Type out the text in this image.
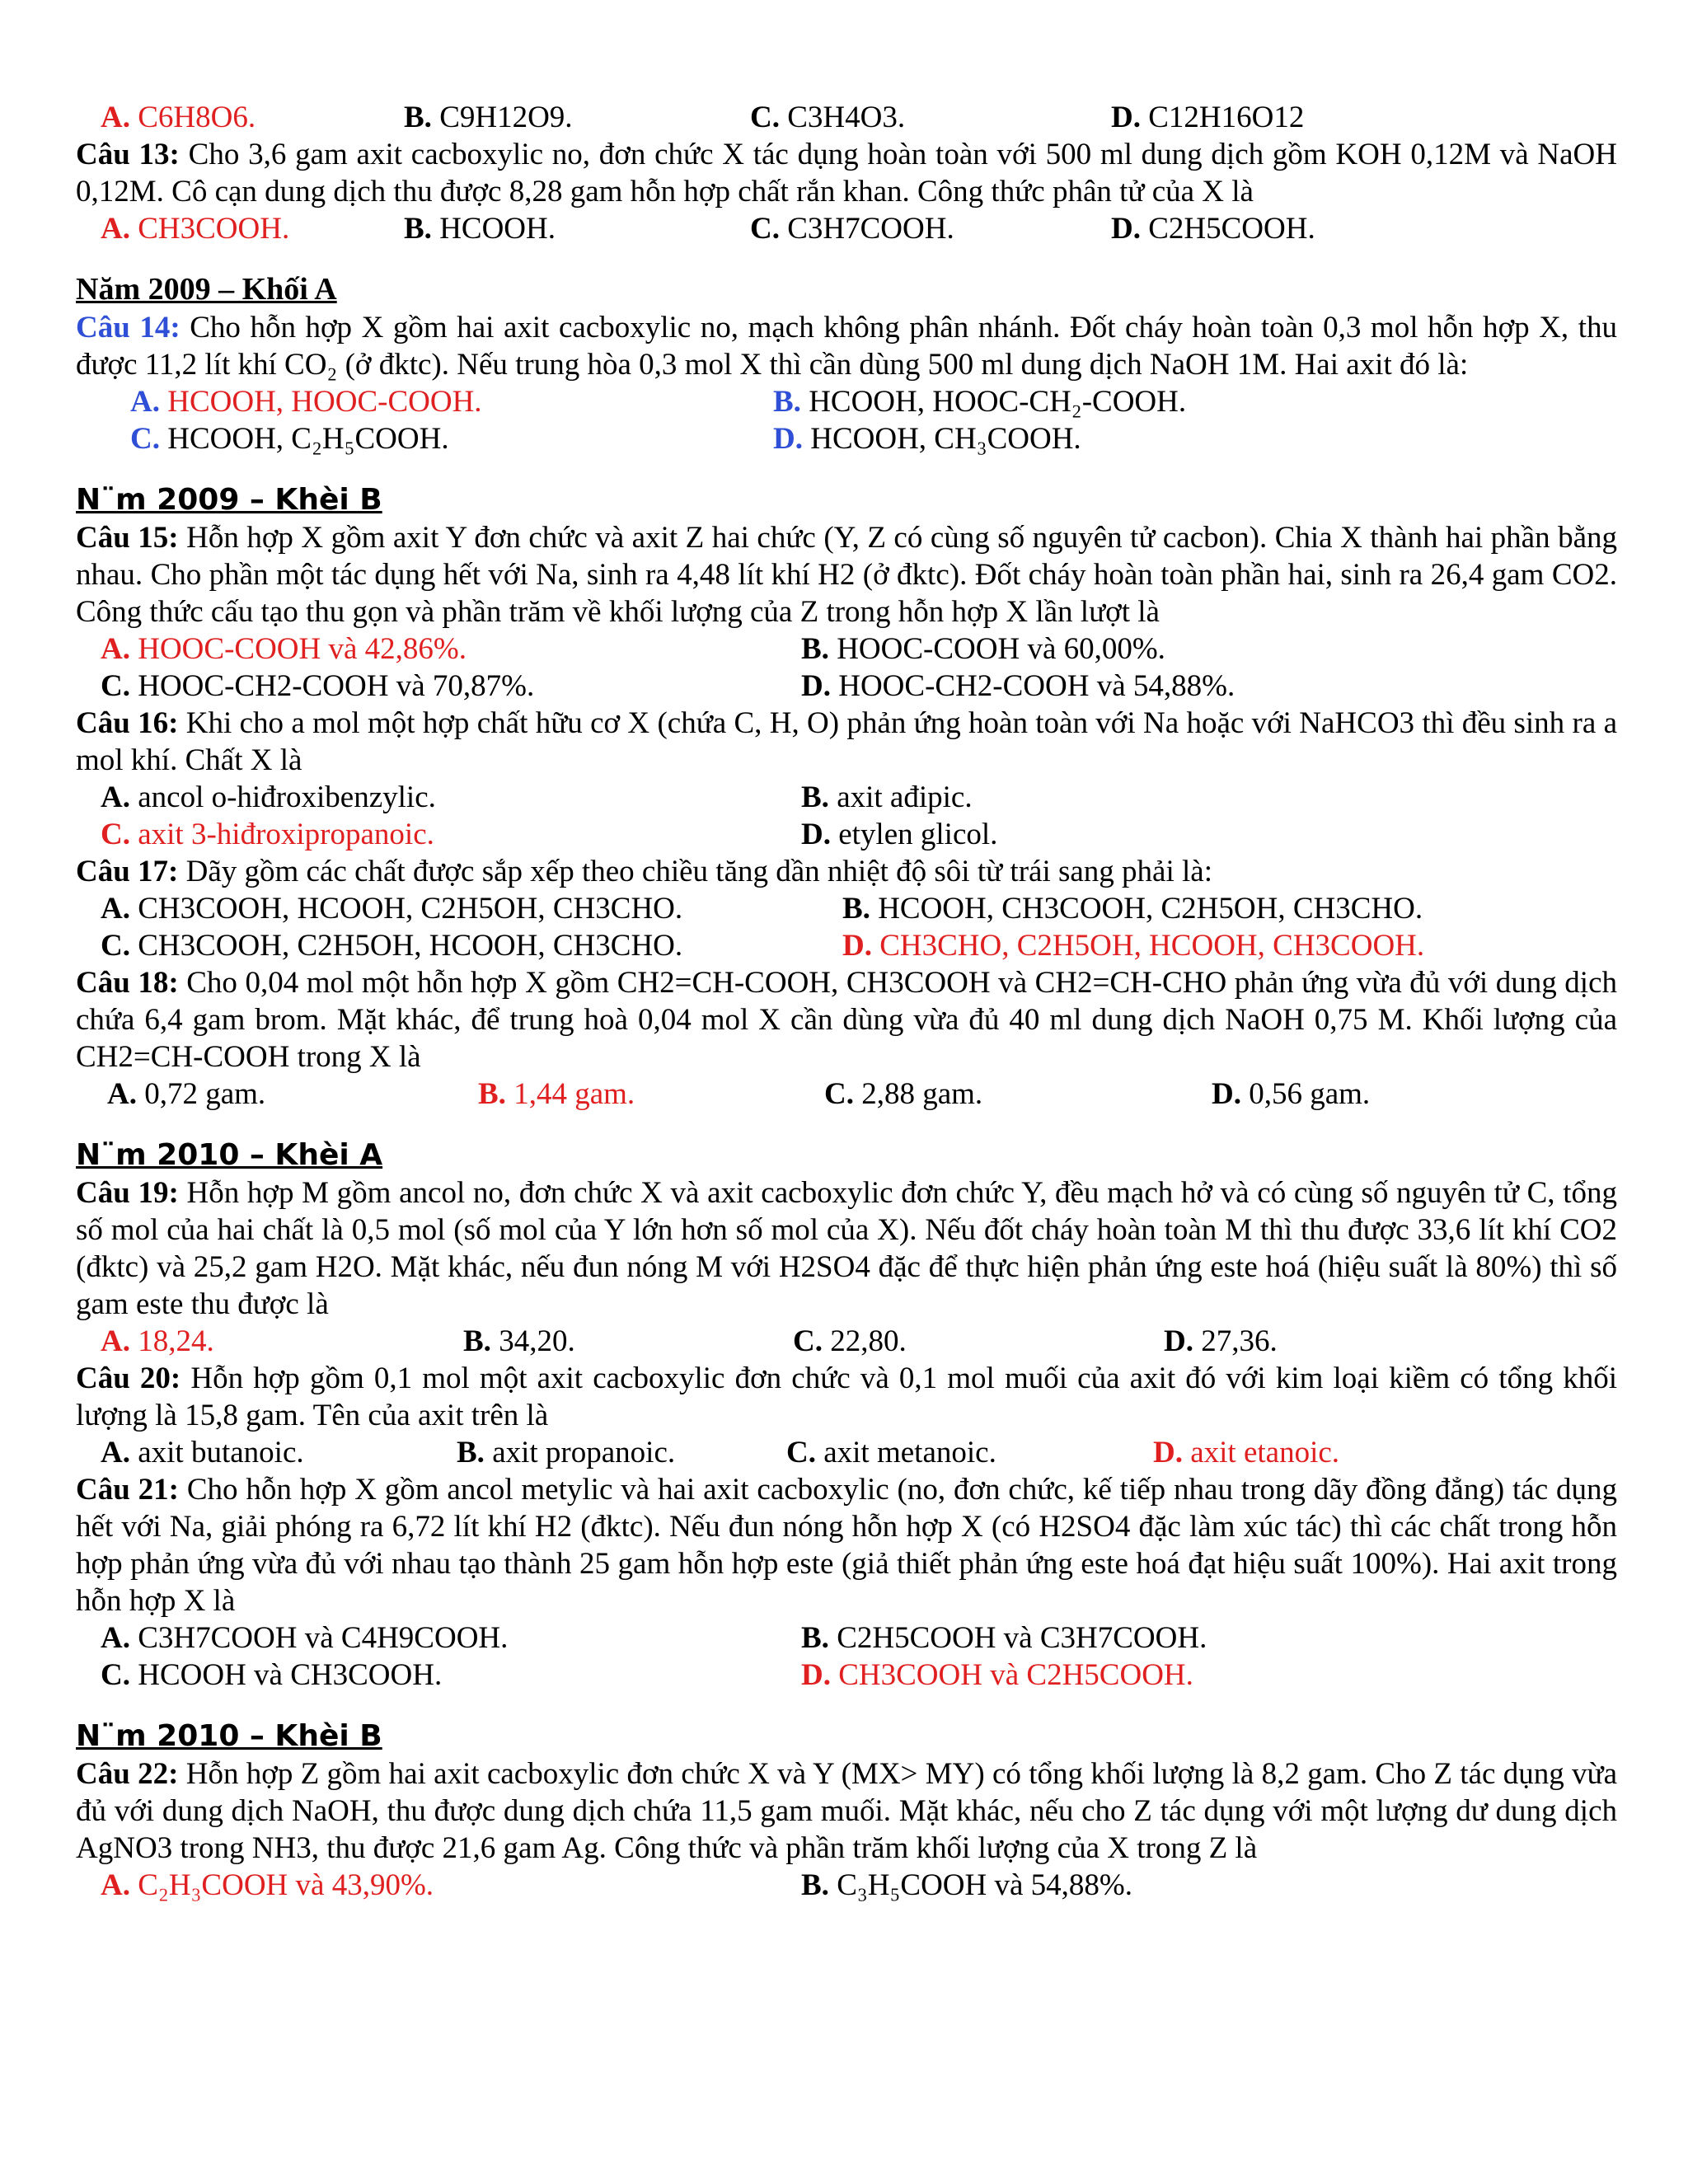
A. C6H8O6.	B. C9H12O9.	C. C3H4O3.	D. C12H16O12

Câu 13: Cho 3,6 gam axit cacboxylic no, đơn chức X tác dụng hoàn toàn với 500 ml dung dịch gồm KOH 0,12M và NaOH 0,12M. Cô cạn dung dịch thu được 8,28 gam hỗn hợp chất rắn khan. Công thức phân tử của X là

A. CH3COOH.	B. HCOOH.	C. C3H7COOH.	D. C2H5COOH.
Năm 2009 – Khối A

Câu 14: Cho hỗn hợp X gồm hai axit cacboxylic no, mạch không phân nhánh. Đốt cháy hoàn toàn 0,3 mol hỗn hợp X, thu được 11,2 lít khí CO₂ (ở đktc). Nếu trung hòa 0,3 mol X thì cần dùng 500 ml dung dịch NaOH 1M. Hai axit đó là:

A. HCOOH, HOOC-COOH.	B. HCOOH, HOOC-CH₂-COOH.
C. HCOOH, C₂H₅COOH.	D. HCOOH, CH₃COOH.
N¨m 2009 – Khèi B

Câu 15: Hỗn hợp X gồm axit Y đơn chức và axit Z hai chức (Y, Z có cùng số nguyên tử cacbon). Chia X thành hai phần bằng nhau. Cho phần một tác dụng hết với Na, sinh ra 4,48 lít khí H2 (ở đktc). Đốt cháy hoàn toàn phần hai, sinh ra 26,4 gam CO2. Công thức cấu tạo thu gọn và phần trăm về khối lượng của Z trong hỗn hợp X lần lượt là

A. HOOC-COOH và 42,86%.	B. HOOC-COOH và 60,00%.
C. HOOC-CH2-COOH và 70,87%.	D. HOOC-CH2-COOH và 54,88%.

Câu 16: Khi cho a mol một hợp chất hữu cơ X (chứa C, H, O) phản ứng hoàn toàn với Na hoặc với NaHCO3 thì đều sinh ra a mol khí. Chất X là

A. ancol o-hiđroxibenzylic.	B. axit ađipic.
C. axit 3-hiđroxipropanoic.	D. etylen glicol.

Câu 17: Dãy gồm các chất được sắp xếp theo chiều tăng dần nhiệt độ sôi từ trái sang phải là:

A. CH3COOH, HCOOH, C2H5OH, CH3CHO.	B. HCOOH, CH3COOH, C2H5OH, CH3CHO.
C. CH3COOH, C2H5OH, HCOOH, CH3CHO.	D. CH3CHO, C2H5OH, HCOOH, CH3COOH.

Câu 18: Cho 0,04 mol một hỗn hợp X gồm CH2=CH-COOH, CH3COOH và CH2=CH-CHO phản ứng vừa đủ với dung dịch chứa 6,4 gam brom. Mặt khác, để trung hoà 0,04 mol X cần dùng vừa đủ 40 ml dung dịch NaOH 0,75 M. Khối lượng của CH2=CH-COOH trong X là

A. 0,72 gam.	B. 1,44 gam.	C. 2,88 gam.	D. 0,56 gam.
N¨m 2010 – Khèi A

Câu 19: Hỗn hợp M gồm ancol no, đơn chức X và axit cacboxylic đơn chức Y, đều mạch hở và có cùng số nguyên tử C, tổng số mol của hai chất là 0,5 mol (số mol của Y lớn hơn số mol của X). Nếu đốt cháy hoàn toàn M thì thu được 33,6 lít khí CO2 (đktc) và 25,2 gam H2O. Mặt khác, nếu đun nóng M với H2SO4 đặc để thực hiện phản ứng este hoá (hiệu suất là 80%) thì số gam este thu được là

A. 18,24.	B. 34,20.	C. 22,80.	D. 27,36.

Câu 20: Hỗn hợp gồm 0,1 mol một axit cacboxylic đơn chức và 0,1 mol muối của axit đó với kim loại kiềm có tổng khối lượng là 15,8 gam. Tên của axit trên là

A. axit butanoic.	B. axit propanoic.	C. axit metanoic.	D. axit etanoic.

Câu 21: Cho hỗn hợp X gồm ancol metylic và hai axit cacboxylic (no, đơn chức, kế tiếp nhau trong dãy đồng đẳng) tác dụng hết với Na, giải phóng ra 6,72 lít khí H2 (đktc). Nếu đun nóng hỗn hợp X (có H2SO4 đặc làm xúc tác) thì các chất trong hỗn hợp phản ứng vừa đủ với nhau tạo thành 25 gam hỗn hợp este (giả thiết phản ứng este hoá đạt hiệu suất 100%). Hai axit trong hỗn hợp X là

A. C3H7COOH và C4H9COOH.	B. C2H5COOH và C3H7COOH.
C. HCOOH và CH3COOH.	D. CH3COOH và C2H5COOH.
N¨m 2010 – Khèi B

Câu 22: Hỗn hợp Z gồm hai axit cacboxylic đơn chức X và Y (MX> MY) có tổng khối lượng là 8,2 gam. Cho Z tác dụng vừa đủ với dung dịch NaOH, thu được dung dịch chứa 11,5 gam muối. Mặt khác, nếu cho Z tác dụng với một lượng dư dung dịch AgNO3 trong NH3, thu được 21,6 gam Ag. Công thức và phần trăm khối lượng của X trong Z là

A. C₂H₃COOH và 43,90%.	B. C₃H₅COOH và 54,88%.
